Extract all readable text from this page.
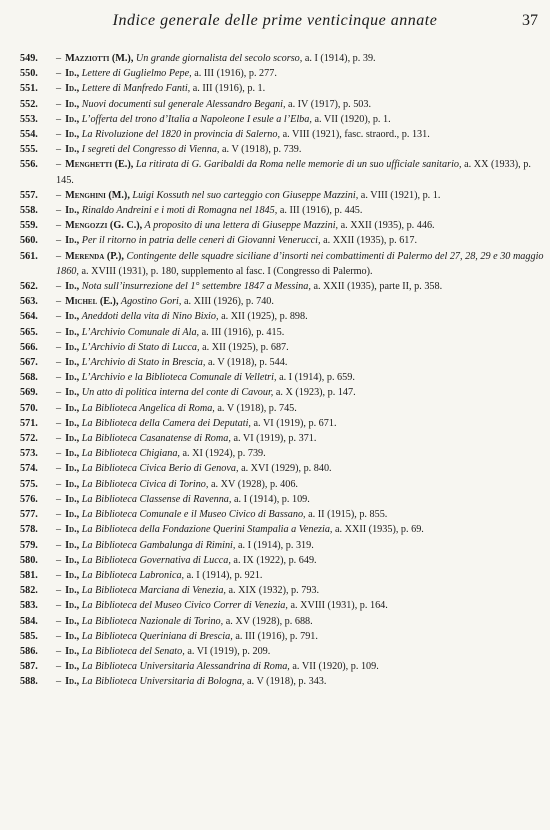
Indice generale delle prime venticinque annate	37
549.	– Mazziotti (M.), Un grande giornalista del secolo scorso, a. I (1914), p. 39.
550.	– Id., Lettere di Guglielmo Pepe, a. III (1916), p. 277.
551.	– Id., Lettere di Manfredo Fanti, a. III (1916), p. 1.
552.	– Id., Nuovi documenti sul generale Alessandro Begani, a. IV (1917), p. 503.
553.	– Id., L’offerta del trono d’Italia a Napoleone I esule a l’Elba, a. VII (1920), p. 1.
554.	– Id., La Rivoluzione del 1820 in provincia di Salerno, a. VIII (1921), fasc. straord., p. 131.
555.	– Id., I segreti del Congresso di Vienna, a. V (1918), p. 739.
556.	– Menghetti (E.), La ritirata di G. Garibaldi da Roma nelle memorie di un suo ufficiale sanitario, a. XX (1933), p. 145.
557.	– Menghini (M.), Luigi Kossuth nel suo carteggio con Giuseppe Mazzini, a. VIII (1921), p. 1.
558.	– Id., Rinaldo Andreini e i moti di Romagna nel 1845, a. III (1916), p. 445.
559.	– Mengozzi (G. C.), A proposito di una lettera di Giuseppe Mazzini, a. XXII (1935), p. 446.
560.	– Id., Per il ritorno in patria delle ceneri di Giovanni Venerucci, a. XXII (1935), p. 617.
561.	– Merenda (P.), Contingente delle squadre siciliane d’insorti nei combattimenti di Palermo del 27, 28, 29 e 30 maggio 1860, a. XVIII (1931), p. 180, supplemento al fasc. I (Congresso di Palermo).
562.	– Id., Nota sull’insurrezione del 1° settembre 1847 a Messina, a. XXII (1935), parte II, p. 358.
563.	– Michel (E.), Agostino Gori, a. XIII (1926), p. 740.
564.	– Id., Aneddoti della vita di Nino Bixio, a. XII (1925), p. 898.
565.	– Id., L’Archivio Comunale di Ala, a. III (1916), p. 415.
566.	– Id., L’Archivio di Stato di Lucca, a. XII (1925), p. 687.
567.	– Id., L’Archivio di Stato in Brescia, a. V (1918), p. 544.
568.	– Id., L’Archivio e la Biblioteca Comunale di Velletri, a. I (1914), p. 659.
569.	– Id., Un atto di politica interna del conte di Cavour, a. X (1923), p. 147.
570.	– Id., La Biblioteca Angelica di Roma, a. V (1918), p. 745.
571.	– Id., La Biblioteca della Camera dei Deputati, a. VI (1919), p. 671.
572.	– Id., La Biblioteca Casanatense di Roma, a. VI (1919), p. 371.
573.	– Id., La Biblioteca Chigiana, a. XI (1924), p. 739.
574.	– Id., La Biblioteca Civica Berio di Genova, a. XVI (1929), p. 840.
575.	– Id., La Biblioteca Civica di Torino, a. XV (1928), p. 406.
576.	– Id., La Biblioteca Classense di Ravenna, a. I (1914), p. 109.
577.	– Id., La Biblioteca Comunale e il Museo Civico di Bassano, a. II (1915), p. 855.
578.	– Id., La Biblioteca della Fondazione Querini Stampalia a Venezia, a. XXII (1935), p. 69.
579.	– Id., La Biblioteca Gambalunga di Rimini, a. I (1914), p. 319.
580.	– Id., La Biblioteca Governativa di Lucca, a. IX (1922), p. 649.
581.	– Id., La Biblioteca Labronica, a. I (1914), p. 921.
582.	– Id., La Biblioteca Marciana di Venezia, a. XIX (1932), p. 793.
583.	– Id., La Biblioteca del Museo Civico Correr di Venezia, a. XVIII (1931), p. 164.
584.	– Id., La Biblioteca Nazionale di Torino, a. XV (1928), p. 688.
585.	– Id., La Biblioteca Queriniana di Brescia, a. III (1916), p. 791.
586.	– Id., La Biblioteca del Senato, a. VI (1919), p. 209.
587.	– Id., La Biblioteca Universitaria Alessandrina di Roma, a. VII (1920), p. 109.
588.	– Id., La Biblioteca Universitaria di Bologna, a. V (1918), p. 343.
